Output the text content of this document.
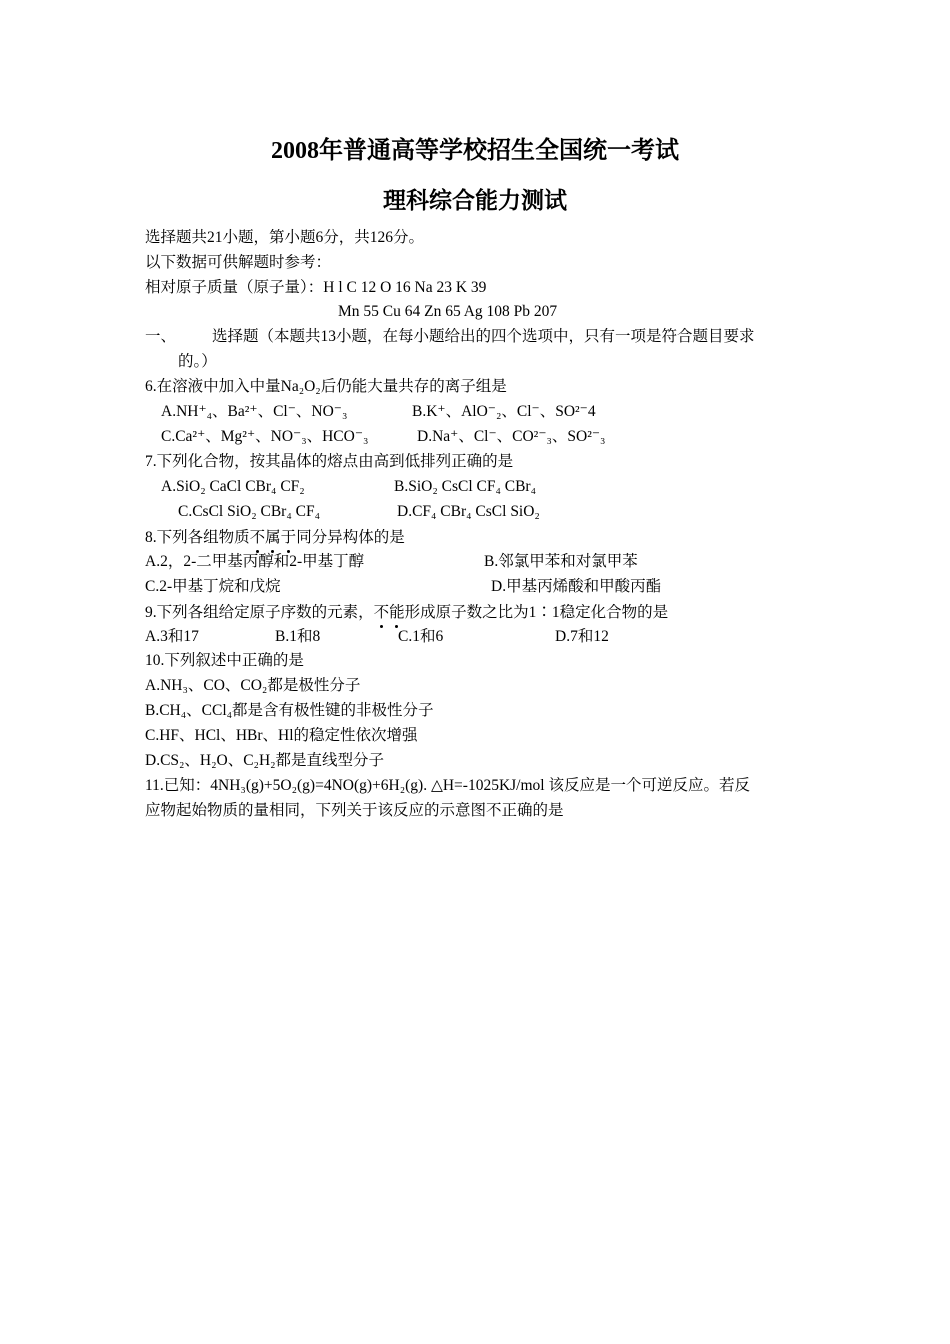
2008年普通高等学校招生全国统一考试
理科综合能力测试
选择题共21小题，第小题6分，共126分。
以下数据可供解题时参考：
相对原子质量（原子量）：H l C 12 O 16 Na 23 K 39
Mn 55 Cu 64 Zn 65 Ag 108 Pb 207
一、 选择题（本题共13小题，在每小题给出的四个选项中，只有一项是符合题目要求
的。）
6.在溶液中加入中量Na₂O₂后仍能大量共存的离子组是
A.NH⁺₄、Ba²⁺、Cl⁻、NO⁻₃	B.K⁺、AlO⁻₂、Cl⁻、SO²⁻4
C.Ca²⁺、Mg²⁺、NO⁻₃、HCO⁻₃	D.Na⁺、Cl⁻、CO²⁻₃、SO²⁻₃
7.下列化合物，按其晶体的熔点由高到低排列正确的是
A.SiO₂ CaCl CBr₄ CF₂	B.SiO₂ CsCl CF₄ CBr₄
C.CsCl SiO₂ CBr₄ CF₄	D.CF₄ CBr₄ CsCl SiO₂
8.下列各组物质不属于同分异构体的是
A.2，2-二甲基丙醇和2-甲基丁醇	B.邻氯甲苯和对氯甲苯
C.2-甲基丁烷和戊烷	D.甲基丙烯酸和甲酸丙酯
9.下列各组给定原子序数的元素，不能形成原子数之比为1∶1稳定化合物的是
A.3和17	B.1和8	C.1和6	D.7和12
10.下列叙述中正确的是
A.NH₃、CO、CO₂都是极性分子
B.CH₄、CCl₄都是含有极性键的非极性分子
C.HF、HCl、HBr、Hl的稳定性依次增强
D.CS₂、H₂O、C₂H₂都是直线型分子
11.已知：4NH₃(g)+5O₂(g)=4NO(g)+6H₂(g). △H=-1025KJ/mol 该反应是一个可逆反应。若反
应物起始物质的量相同，下列关于该反应的示意图不正确的是
